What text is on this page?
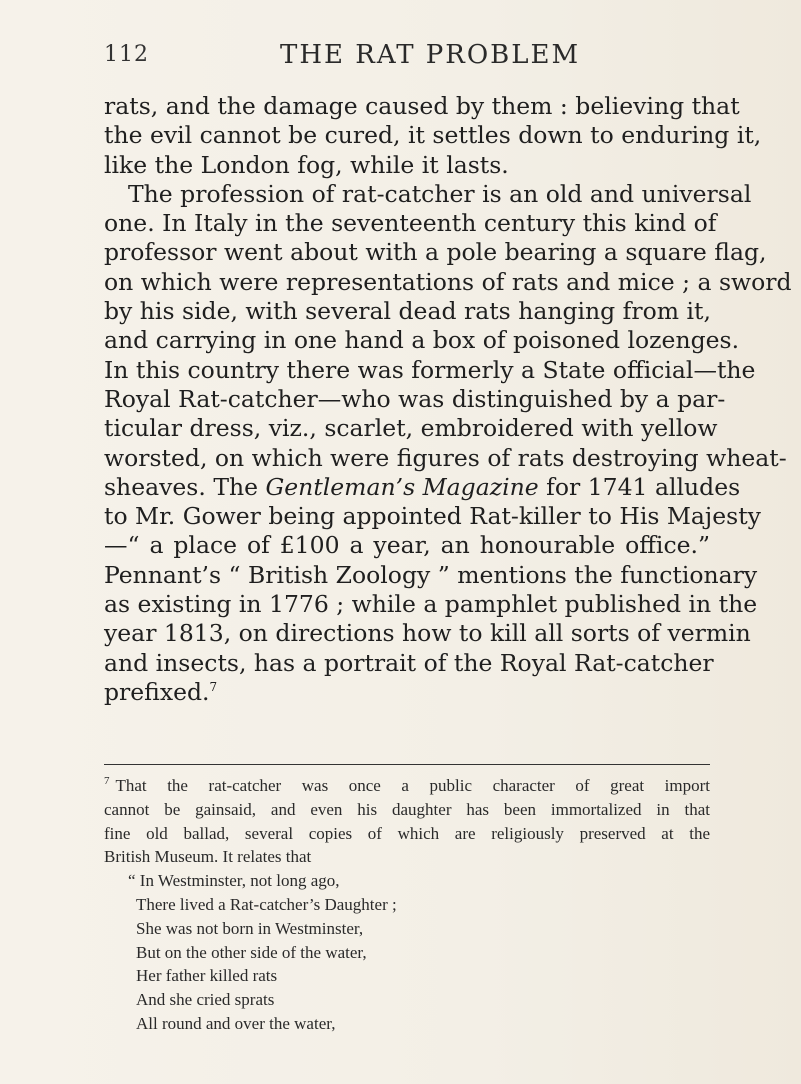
112	THE RAT PROBLEM
rats, and the damage caused by them : believing that
the evil cannot be cured, it settles down to enduring it,
like the London fog, while it lasts.
The profession of rat-catcher is an old and universal
one. In Italy in the seventeenth century this kind of
professor went about with a pole bearing a square flag,
on which were representations of rats and mice ; a sword
by his side, with several dead rats hanging from it,
and carrying in one hand a box of poisoned lozenges.
In this country there was formerly a State official—the
Royal Rat-catcher—who was distinguished by a par-
ticular dress, viz., scarlet, embroidered with yellow
worsted, on which were figures of rats destroying wheat-
sheaves. The Gentleman’s Magazine for 1741 alludes
to Mr. Gower being appointed Rat-killer to His Majesty
—“ a place of £100 a year, an honourable office.”
Pennant’s “ British Zoology ” mentions the functionary
as existing in 1776 ; while a pamphlet published in the
year 1813, on directions how to kill all sorts of vermin
and insects, has a portrait of the Royal Rat-catcher
prefixed.$^7$
$^7$ That the rat-catcher was once a public character of great import
cannot be gainsaid, and even his daughter has been immortalized in that
fine old ballad, several copies of which are religiously preserved at the
British Museum. It relates that
“ In Westminster, not long ago,
There lived a Rat-catcher’s Daughter ;
She was not born in Westminster,
But on the other side of the water,
Her father killed rats
And she cried sprats
All round and over the water,
